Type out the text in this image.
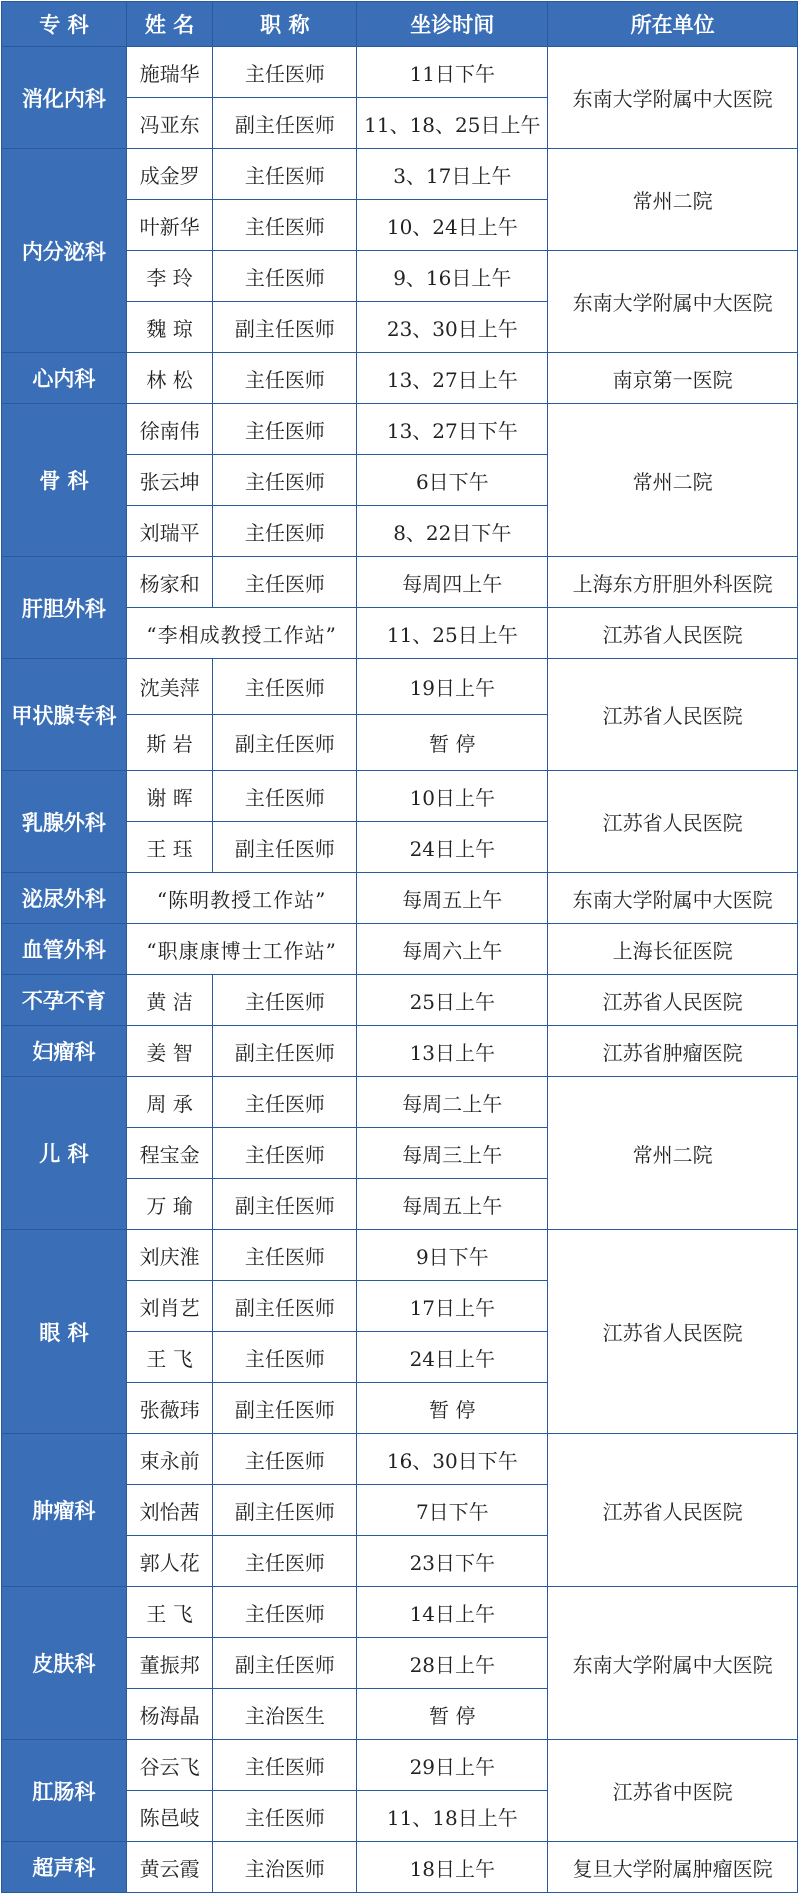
专 科	姓 名	职 称	坐诊时间	所在单位
消化内科	施瑞华	主任医师	11日下午	东南大学附属中大医院
	冯亚东	副主任医师	11、18、25日上午	
内分泌科	成金罗	主任医师	3、17日上午	常州二院
	叶新华	主任医师	10、24日上午	
	李 玲	主任医师	9、16日上午	东南大学附属中大医院
	魏 琼	副主任医师	23、30日上午	
心内科	林 松	主任医师	13、27日上午	南京第一医院
骨 科	徐南伟	主任医师	13、27日下午	常州二院
	张云坤	主任医师	6日下午	
	刘瑞平	主任医师	8、22日下午	
肝胆外科	杨家和	主任医师	每周四上午	上海东方肝胆外科医院
	“李相成教授工作站”		11、25日上午	江苏省人民医院
甲状腺专科	沈美萍	主任医师	19日上午	江苏省人民医院
	斯 岩	副主任医师	暂 停	
乳腺外科	谢 晖	主任医师	10日上午	江苏省人民医院
	王 珏	副主任医师	24日上午	
泌尿外科	“陈明教授工作站”		每周五上午	东南大学附属中大医院
血管外科	“职康康博士工作站”		每周六上午	上海长征医院
不孕不育	黄 洁	主任医师	25日上午	江苏省人民医院
妇瘤科	姜 智	副主任医师	13日上午	江苏省肿瘤医院
儿 科	周 承	主任医师	每周二上午	常州二院
	程宝金	主任医师	每周三上午	
	万 瑜	副主任医师	每周五上午	
眼 科	刘庆淮	主任医师	9日下午	江苏省人民医院
	刘肖艺	副主任医师	17日上午	
	王 飞	主任医师	24日上午	
	张薇玮	副主任医师	暂 停	
肿瘤科	束永前	主任医师	16、30日下午	江苏省人民医院
	刘怡茜	副主任医师	7日下午	
	郭人花	主任医师	23日下午	
皮肤科	王 飞	主任医师	14日上午	东南大学附属中大医院
	董振邦	副主任医师	28日上午	
	杨海晶	主治医生	暂 停	
肛肠科	谷云飞	主任医师	29日上午	江苏省中医院
	陈邑岐	主任医师	11、18日上午	
超声科	黄云霞	主治医师	18日上午	复旦大学附属肿瘤医院
